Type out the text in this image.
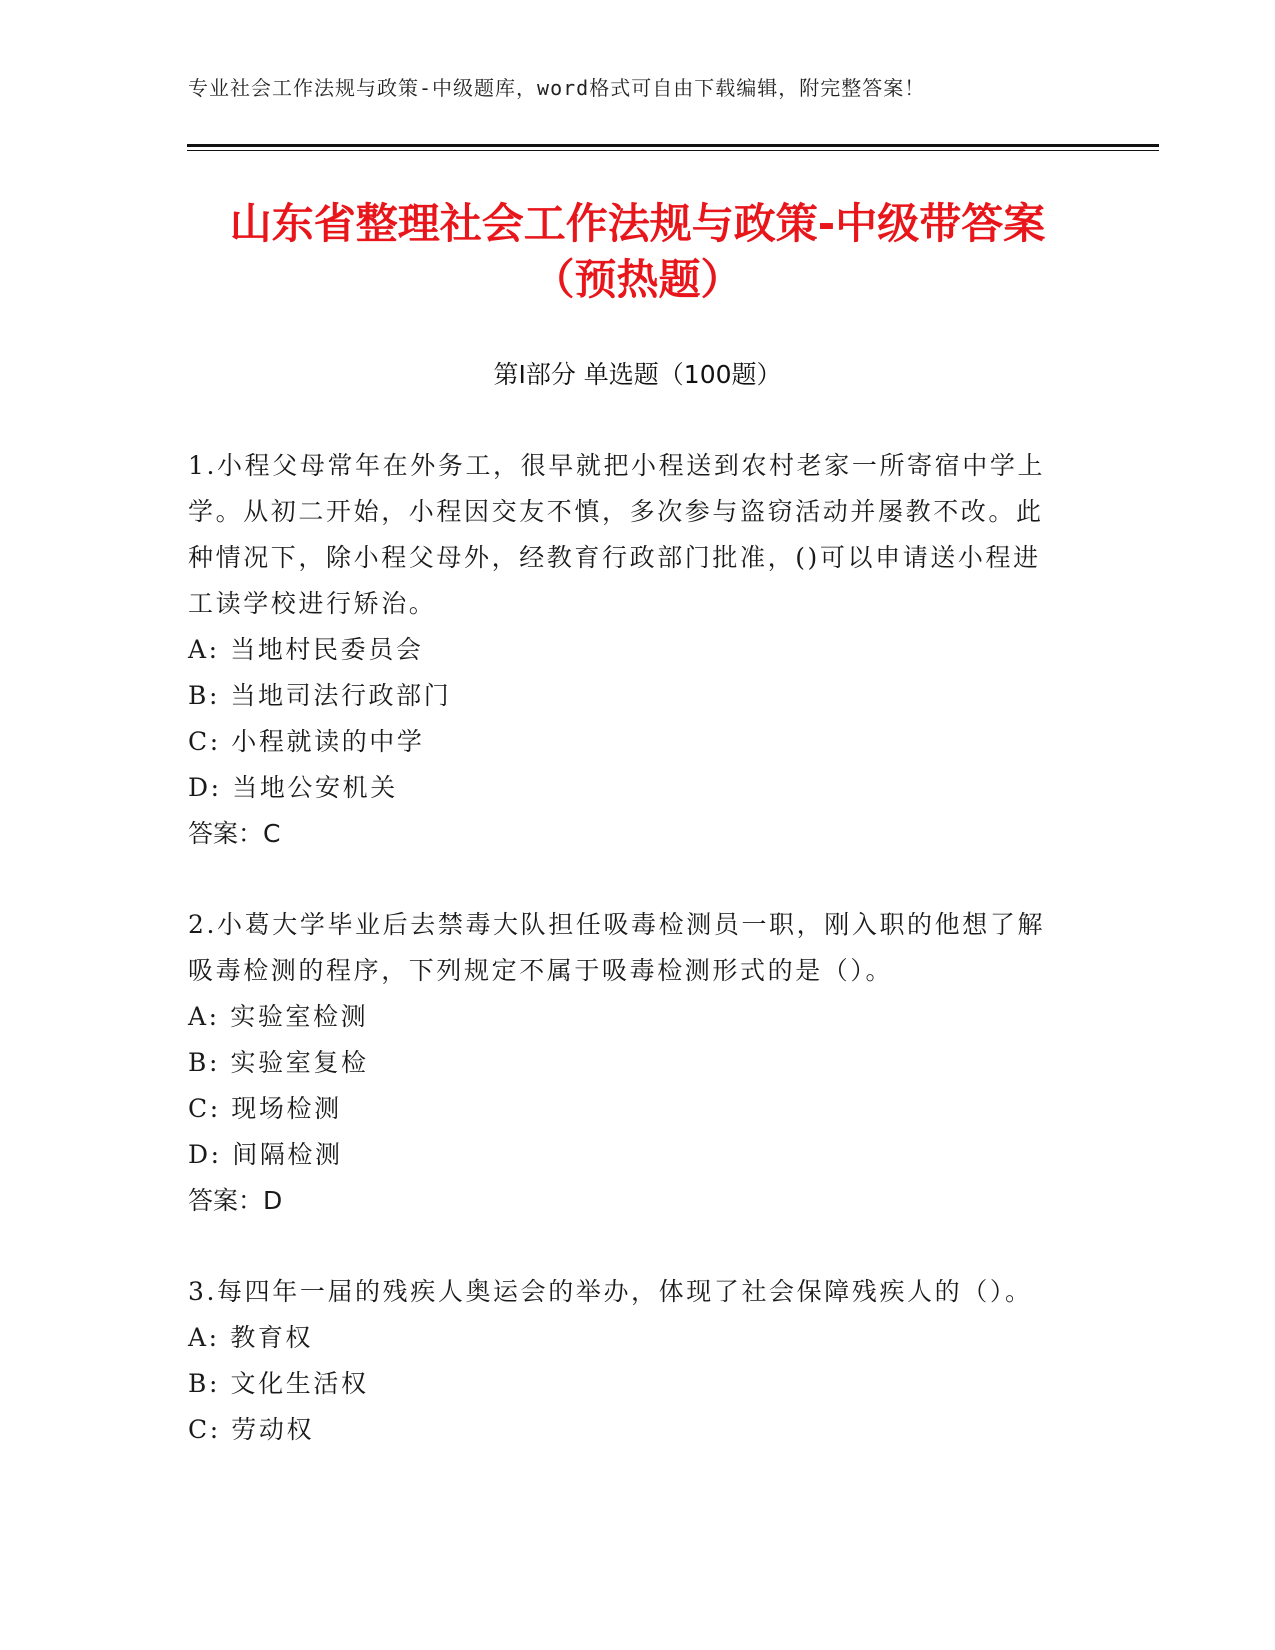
专业社会工作法规与政策-中级题库，word格式可自由下载编辑，附完整答案！
山东省整理社会工作法规与政策-中级带答案
（预热题）
第Ⅰ部分 单选题（100题）

1.小程父母常年在外务工，很早就把小程送到农村老家一所寄宿中学上学。从初二开始，小程因交友不慎，多次参与盗窃活动并屡教不改。此种情况下，除小程父母外，经教育行政部门批准，()可以申请送小程进工读学校进行矫治。

A: 当地村民委员会

B: 当地司法行政部门

C: 小程就读的中学

D: 当地公安机关

答案：C

2.小葛大学毕业后去禁毒大队担任吸毒检测员一职，刚入职的他想了解吸毒检测的程序，下列规定不属于吸毒检测形式的是（）。

A: 实验室检测

B: 实验室复检

C: 现场检测

D: 间隔检测

答案：D

3.每四年一届的残疾人奥运会的举办，体现了社会保障残疾人的（）。

A: 教育权

B: 文化生活权

C: 劳动权
